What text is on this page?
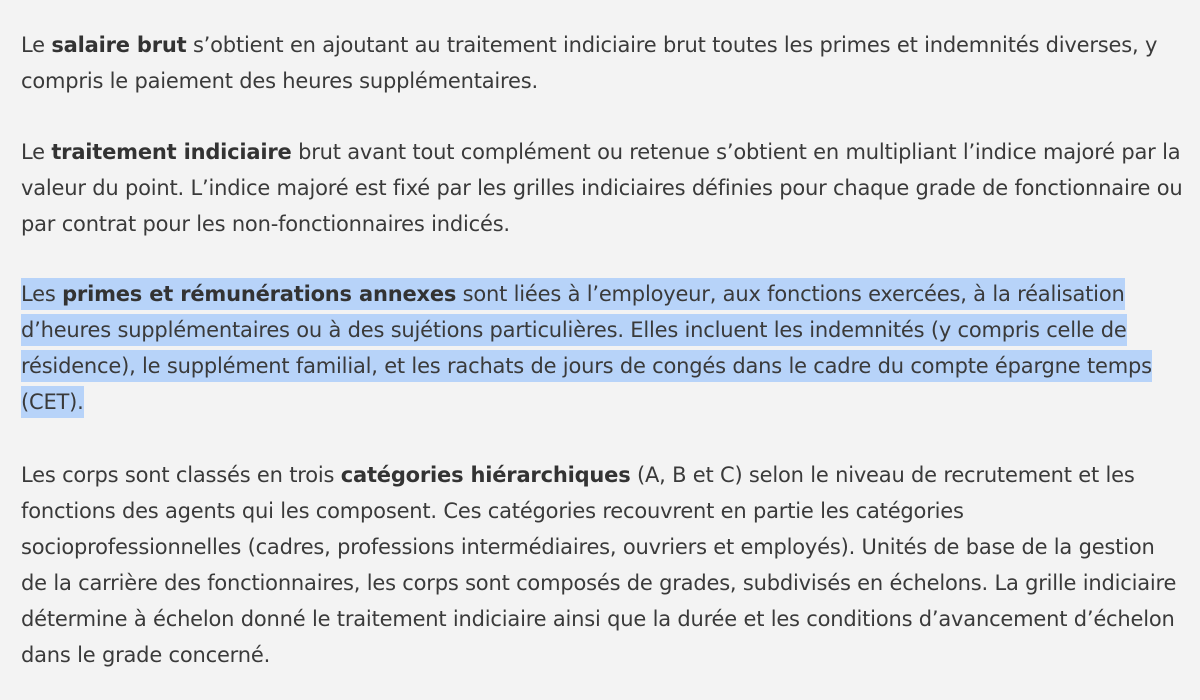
Le salaire brut s’obtient en ajoutant au traitement indiciaire brut toutes les primes et indemnités diverses, y compris le paiement des heures supplémentaires.

Le traitement indiciaire brut avant tout complément ou retenue s’obtient en multipliant l’indice majoré par la valeur du point. L’indice majoré est fixé par les grilles indiciaires définies pour chaque grade de fonctionnaire ou par contrat pour les non-fonctionnaires indicés.

Les primes et rémunérations annexes sont liées à l’employeur, aux fonctions exercées, à la réalisation d’heures supplémentaires ou à des sujétions particulières. Elles incluent les indemnités (y compris celle de résidence), le supplément familial, et les rachats de jours de congés dans le cadre du compte épargne temps (CET).

Les corps sont classés en trois catégories hiérarchiques (A, B et C) selon le niveau de recrutement et les fonctions des agents qui les composent. Ces catégories recouvrent en partie les catégories socioprofessionnelles (cadres, professions intermédiaires, ouvriers et employés). Unités de base de la gestion de la carrière des fonctionnaires, les corps sont composés de grades, subdivisés en échelons. La grille indiciaire détermine à échelon donné le traitement indiciaire ainsi que la durée et les conditions d’avancement d’échelon dans le grade concerné.
